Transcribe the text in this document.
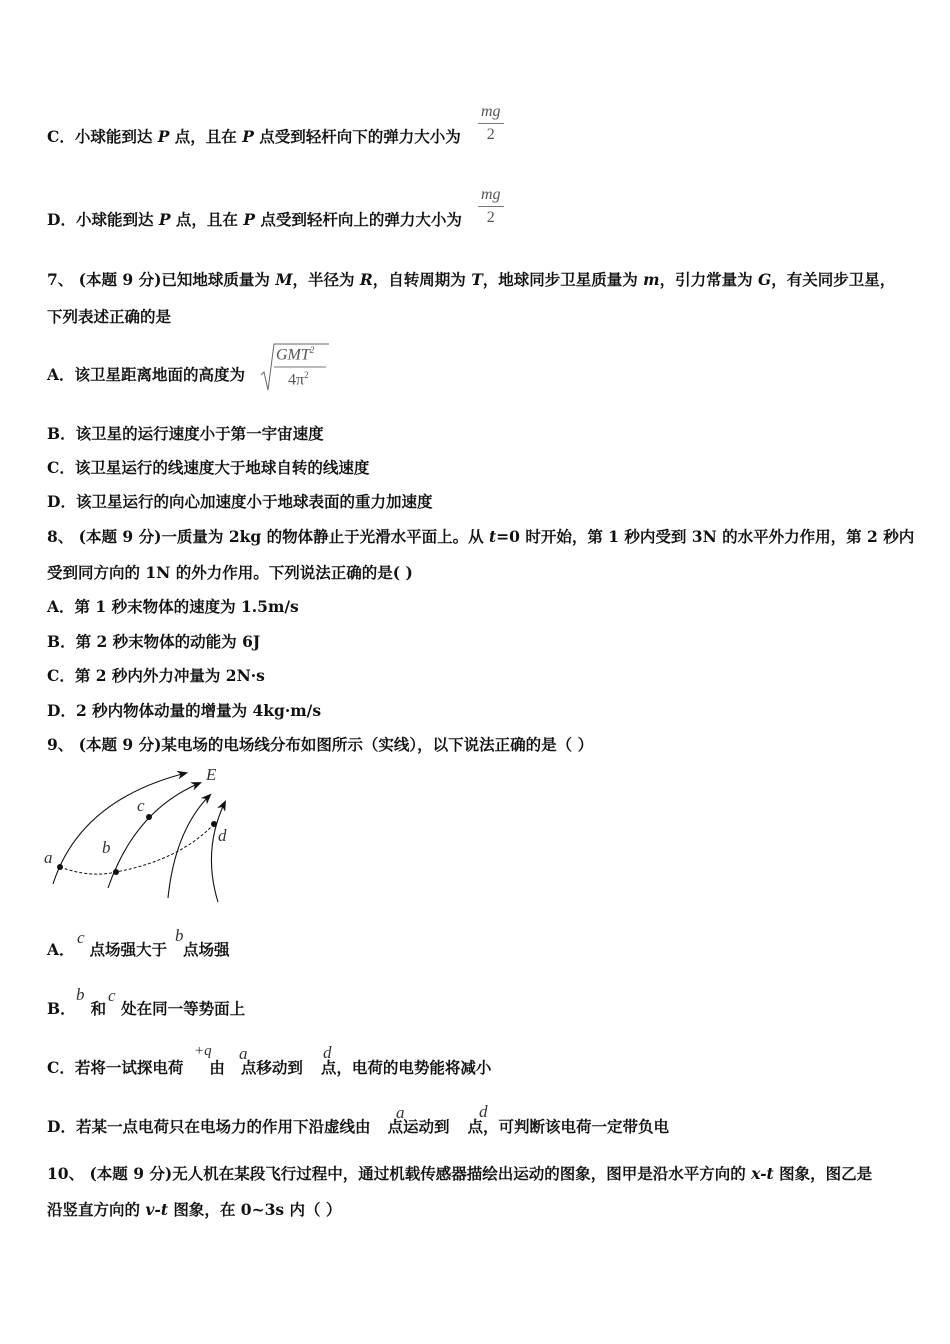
C．小球能到达 P 点，且在 P 点受到轻杆向下的弹力大小为 $\frac{mg}{2}$
D．小球能到达 P 点，且在 P 点受到轻杆向上的弹力大小为 $\frac{mg}{2}$
7、 (本题 9 分)已知地球质量为 M，半径为 R，自转周期为 T，地球同步卫星质量为 m，引力常量为 G，有关同步卫星，
下列表述正确的是
A．该卫星距离地面的高度为
GMT$^2$
$4\pi^2$
B．该卫星的运行速度小于第一宇宙速度
C．该卫星运行的线速度大于地球自转的线速度
D．该卫星运行的向心加速度小于地球表面的重力加速度
8、 (本题 9 分)一质量为 2kg 的物体静止于光滑水平面上。从 t=0 时开始，第 1 秒内受到 3N 的水平外力作用，第 2 秒内
受到同方向的 1N 的外力作用。下列说法正确的是( )
A．第 1 秒末物体的速度为 1.5m/s
B．第 2 秒末物体的动能为 6J
C．第 2 秒内外力冲量为 2N·s
D．2 秒内物体动量的增量为 4kg·m/s
9、 (本题 9 分)某电场的电场线分布如图所示（实线），以下说法正确的是（ ）
E
c
b
a
d
A． 点场强大于 点场强
c	b
B． 和 处在同一等势面上
b c
C．若将一试探电荷 由 点移动到 点，电荷的电势能将减小
+q a	d
D．若某一点电荷只在电场力的作用下沿虚线由 点运动到 点，可判断该电荷一定带负电
a	d
10、 (本题 9 分)无人机在某段飞行过程中，通过机载传感器描绘出运动的图象，图甲是沿水平方向的 x-t 图象，图乙是
沿竖直方向的 v-t 图象，在 0~3s 内（ ）
